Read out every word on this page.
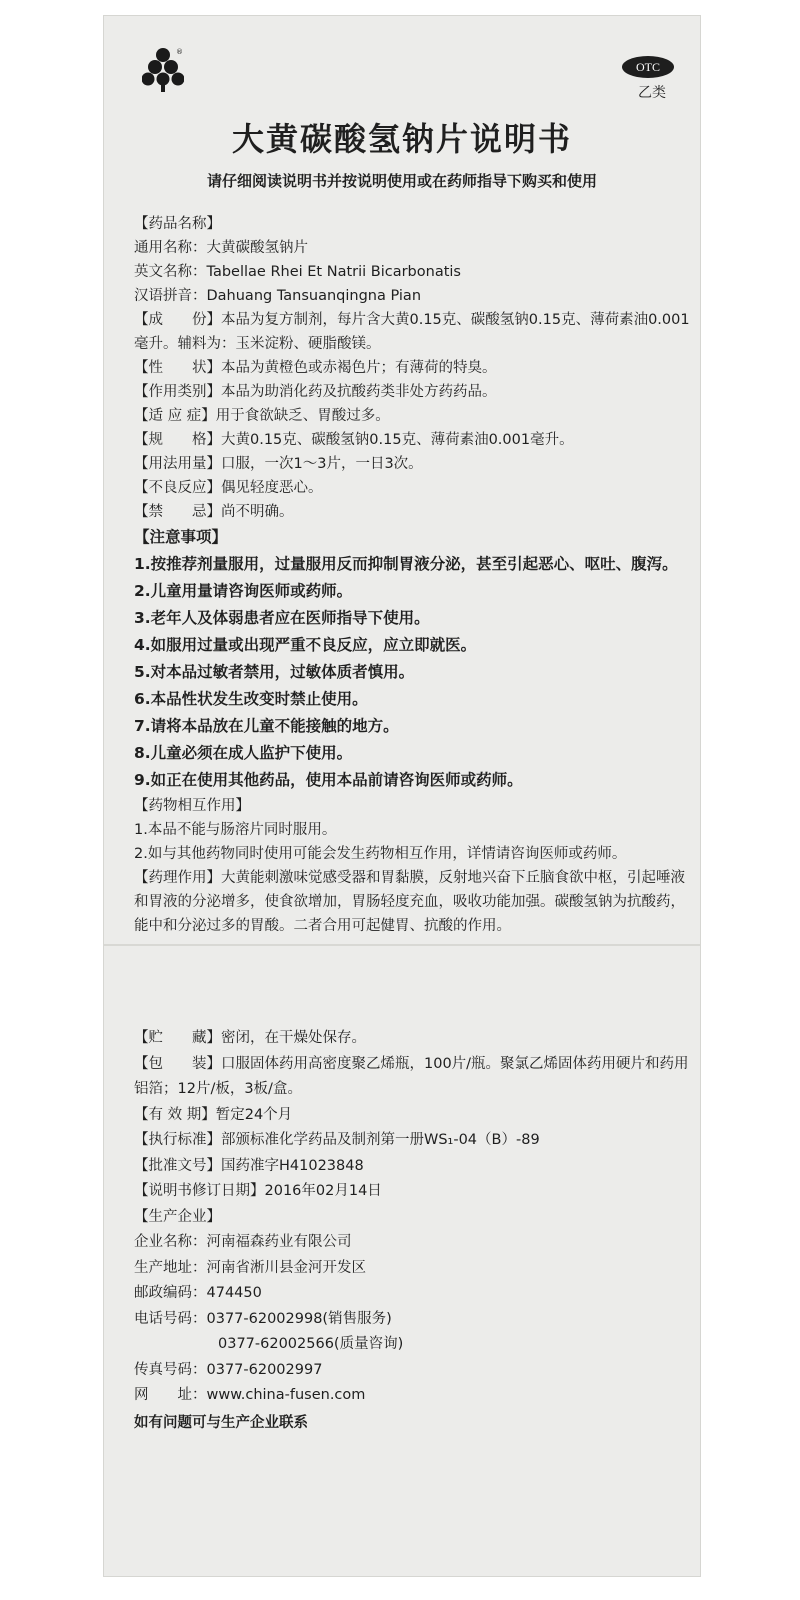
®
OTC
乙类
大黄碳酸氢钠片说明书

请仔细阅读说明书并按说明使用或在药师指导下购买和使用

【药品名称】

通用名称：大黄碳酸氢钠片

英文名称：Tabellae Rhei Et Natrii Bicarbonatis

汉语拼音：Dahuang Tansuanqingna Pian

【成　　份】本品为复方制剂，每片含大黄0.15克、碳酸氢钠0.15克、薄荷素油0.001毫升。辅料为：玉米淀粉、硬脂酸镁。

【性　　状】本品为黄橙色或赤褐色片；有薄荷的特臭。

【作用类别】本品为助消化药及抗酸药类非处方药药品。

【适 应 症】用于食欲缺乏、胃酸过多。

【规　　格】大黄0.15克、碳酸氢钠0.15克、薄荷素油0.001毫升。

【用法用量】口服，一次1～3片，一日3次。

【不良反应】偶见轻度恶心。

【禁　　忌】尚不明确。

【注意事项】

1.按推荐剂量服用，过量服用反而抑制胃液分泌，甚至引起恶心、呕吐、腹泻。

2.儿童用量请咨询医师或药师。

3.老年人及体弱患者应在医师指导下使用。

4.如服用过量或出现严重不良反应，应立即就医。

5.对本品过敏者禁用，过敏体质者慎用。

6.本品性状发生改变时禁止使用。

7.请将本品放在儿童不能接触的地方。

8.儿童必须在成人监护下使用。

9.如正在使用其他药品，使用本品前请咨询医师或药师。

【药物相互作用】

1.本品不能与肠溶片同时服用。

2.如与其他药物同时使用可能会发生药物相互作用，详情请咨询医师或药师。

【药理作用】大黄能刺激味觉感受器和胃黏膜，反射地兴奋下丘脑食欲中枢，引起唾液和胃液的分泌增多，使食欲增加，胃肠轻度充血，吸收功能加强。碳酸氢钠为抗酸药，能中和分泌过多的胃酸。二者合用可起健胃、抗酸的作用。

【贮　　藏】密闭，在干燥处保存。

【包　　装】口服固体药用高密度聚乙烯瓶，100片/瓶。聚氯乙烯固体药用硬片和药用铝箔；12片/板，3板/盒。

【有 效 期】暂定24个月

【执行标准】部颁标准化学药品及制剂第一册WS₁-04（B）-89

【批准文号】国药准字H41023848

【说明书修订日期】2016年02月14日

【生产企业】

企业名称：河南福森药业有限公司

生产地址：河南省淅川县金河开发区

邮政编码：474450

电话号码：0377-62002998(销售服务)

0377-62002566(质量咨询)

传真号码：0377-62002997

网　　址：www.china-fusen.com

如有问题可与生产企业联系
